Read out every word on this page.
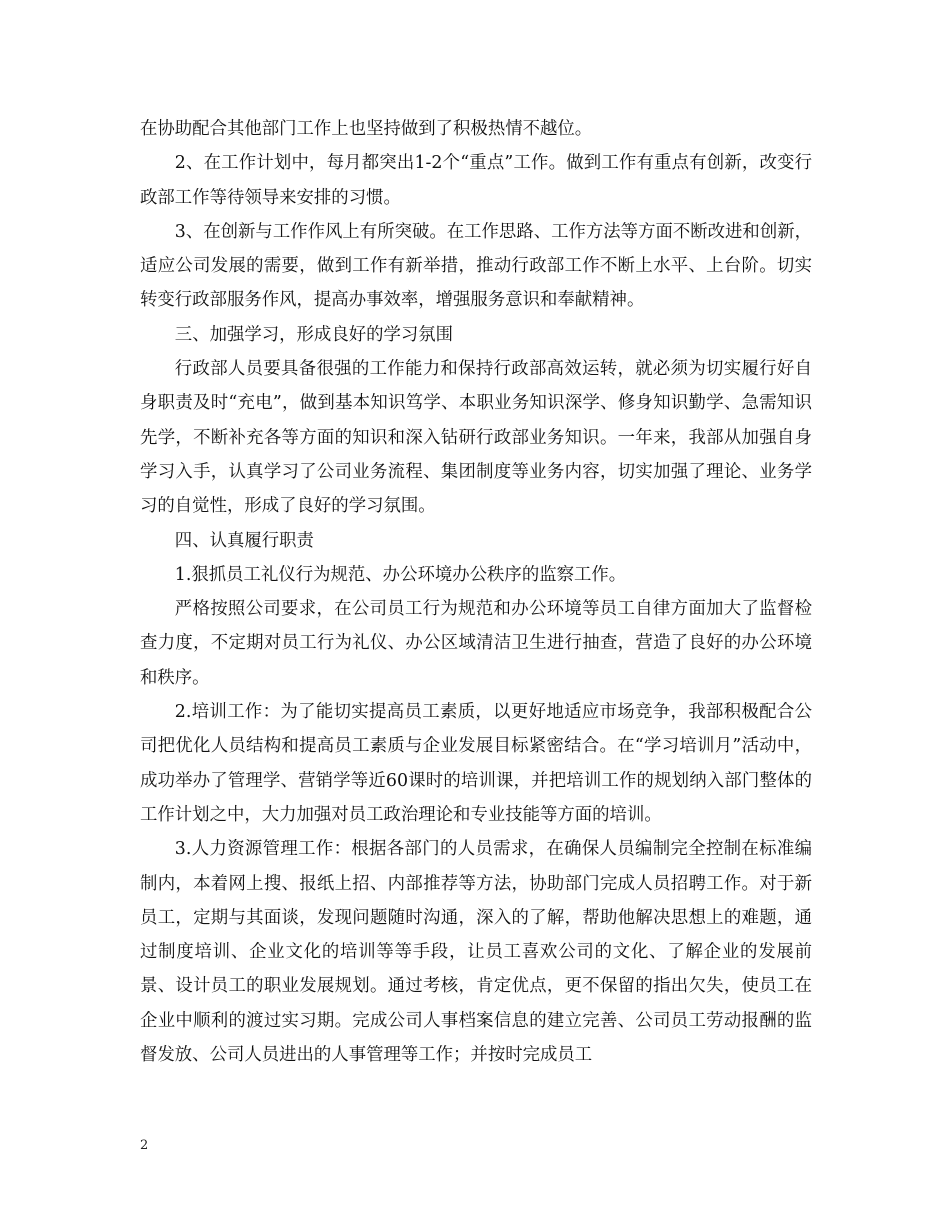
在协助配合其他部门工作上也坚持做到了积极热情不越位。

2、在工作计划中，每月都突出1-2个“重点”工作。做到工作有重点有创新，改变行政部工作等待领导来安排的习惯。

3、在创新与工作作风上有所突破。在工作思路、工作方法等方面不断改进和创新，适应公司发展的需要，做到工作有新举措，推动行政部工作不断上水平、上台阶。切实转变行政部服务作风，提高办事效率，增强服务意识和奉献精神。

三、加强学习，形成良好的学习氛围

行政部人员要具备很强的工作能力和保持行政部高效运转，就必须为切实履行好自身职责及时“充电”，做到基本知识笃学、本职业务知识深学、修身知识勤学、急需知识先学，不断补充各等方面的知识和深入钻研行政部业务知识。一年来，我部从加强自身学习入手，认真学习了公司业务流程、集团制度等业务内容，切实加强了理论、业务学习的自觉性，形成了良好的学习氛围。

四、认真履行职责

1.狠抓员工礼仪行为规范、办公环境办公秩序的监察工作。

严格按照公司要求，在公司员工行为规范和办公环境等员工自律方面加大了监督检查力度，不定期对员工行为礼仪、办公区域清洁卫生进行抽查，营造了良好的办公环境和秩序。

2.培训工作：为了能切实提高员工素质，以更好地适应市场竞争，我部积极配合公司把优化人员结构和提高员工素质与企业发展目标紧密结合。在“学习培训月”活动中，成功举办了管理学、营销学等近60课时的培训课，并把培训工作的规划纳入部门整体的工作计划之中，大力加强对员工政治理论和专业技能等方面的培训。

3.人力资源管理工作：根据各部门的人员需求，在确保人员编制完全控制在标准编制内，本着网上搜、报纸上招、内部推荐等方法，协助部门完成人员招聘工作。对于新员工，定期与其面谈，发现问题随时沟通，深入的了解，帮助他解决思想上的难题，通过制度培训、企业文化的培训等等手段，让员工喜欢公司的文化、了解企业的发展前景、设计员工的职业发展规划。通过考核，肯定优点，更不保留的指出欠失，使员工在企业中顺利的渡过实习期。完成公司人事档案信息的建立完善、公司员工劳动报酬的监督发放、公司人员进出的人事管理等工作；并按时完成员工

2
